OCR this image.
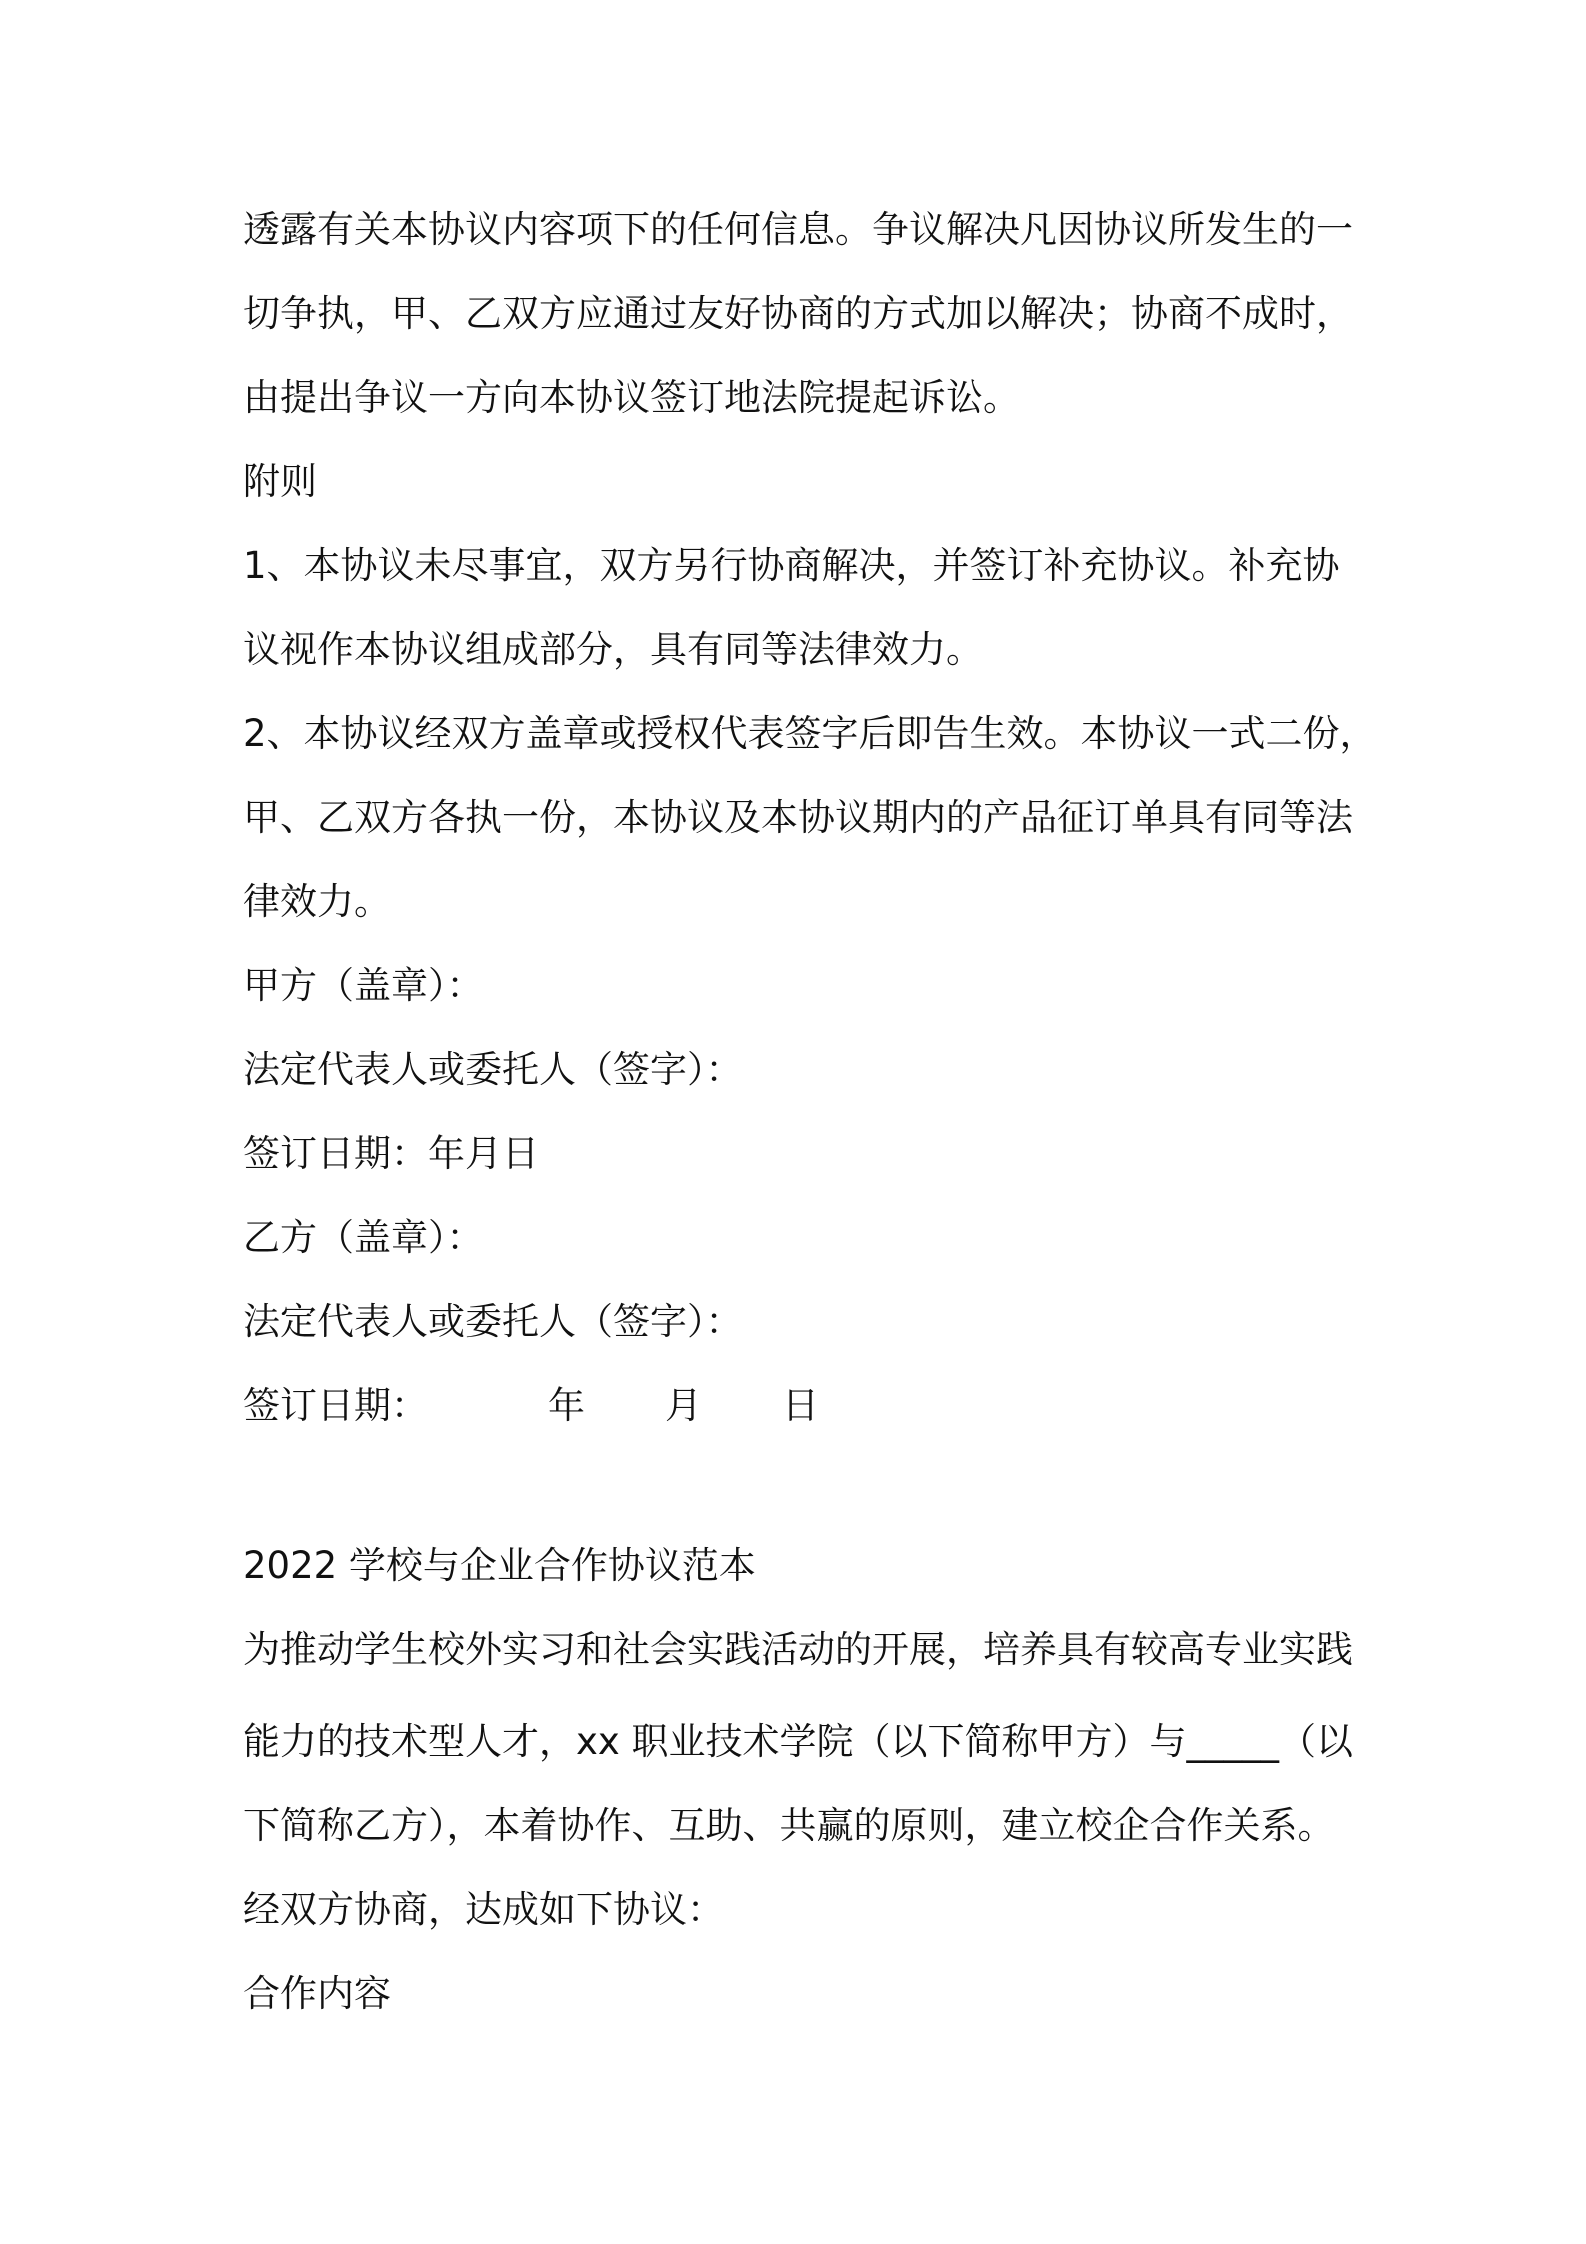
透露有关本协议内容项下的任何信息。争议解决凡因协议所发生的一
切争执，甲、乙双方应通过友好协商的方式加以解决；协商不成时，
由提出争议一方向本协议签订地法院提起诉讼。
附则
1、本协议未尽事宜，双方另行协商解决，并签订补充协议。补充协
议视作本协议组成部分，具有同等法律效力。
2、本协议经双方盖章或授权代表签字后即告生效。本协议一式二份，
甲、乙双方各执一份，本协议及本协议期内的产品征订单具有同等法
律效力。
甲方（盖章）：
法定代表人或委托人（签字）：
签订日期：年月日
乙方（盖章）：
法定代表人或委托人（签字）：
签订日期：	年 月 日
2022 学校与企业合作协议范本
为推动学生校外实习和社会实践活动的开展，培养具有较高专业实践
能力的技术型人才，xx 职业技术学院（以下简称甲方）与_____（以
下简称乙方），本着协作、互助、共赢的原则，建立校企合作关系。
经双方协商，达成如下协议：
合作内容
